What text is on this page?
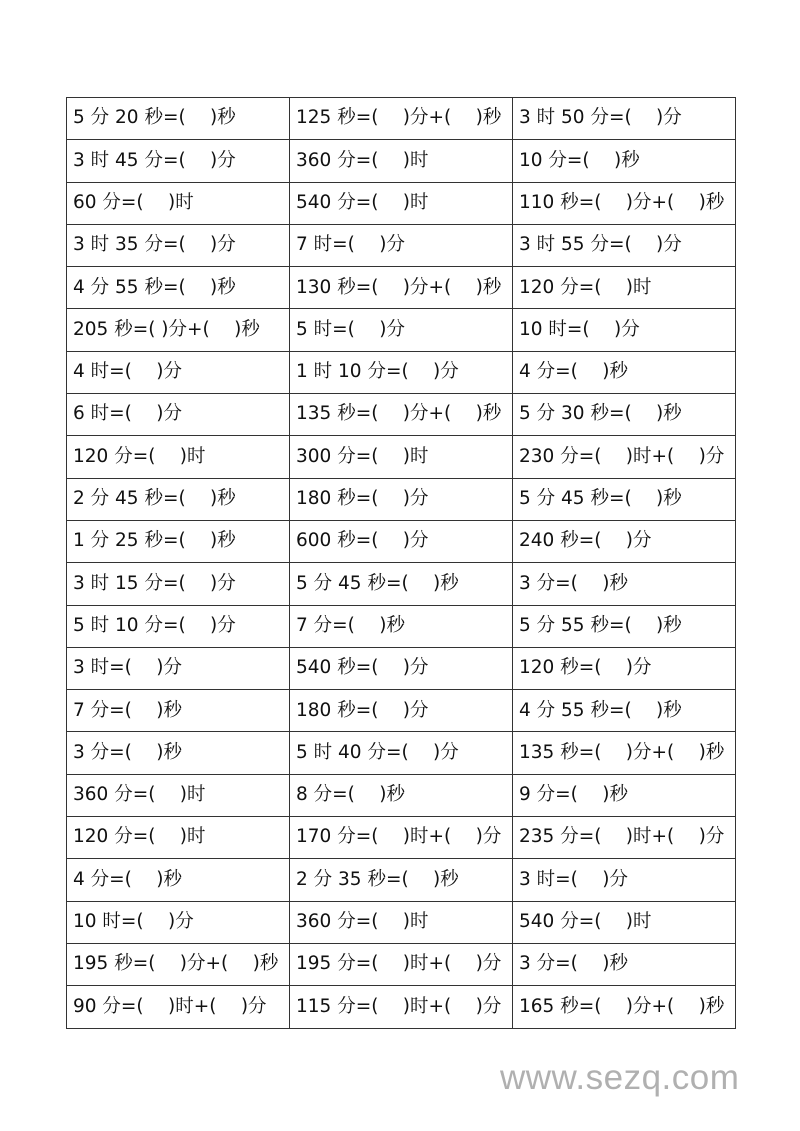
5 分 20 秒=(　 )秒	125 秒=(　 )分+(　 )秒	3 时 50 分=(　 )分
3 时 45 分=(　 )分	360 分=(　 )时	10 分=(　 )秒
60 分=(　 )时	540 分=(　 )时	110 秒=(　 )分+(　 )秒
3 时 35 分=(　 )分	7 时=(　 )分	3 时 55 分=(　 )分
4 分 55 秒=(　 )秒	130 秒=(　 )分+(　 )秒	120 分=(　 )时
205 秒=( )分+(　 )秒	5 时=(　 )分	10 时=(　 )分
4 时=(　 )分	1 时 10 分=(　 )分	4 分=(　 )秒
6 时=(　 )分	135 秒=(　 )分+(　 )秒	5 分 30 秒=(　 )秒
120 分=(　 )时	300 分=(　 )时	230 分=(　 )时+(　 )分
2 分 45 秒=(　 )秒	180 秒=(　 )分	5 分 45 秒=(　 )秒
1 分 25 秒=(　 )秒	600 秒=(　 )分	240 秒=(　 )分
3 时 15 分=(　 )分	5 分 45 秒=(　 )秒	3 分=(　 )秒
5 时 10 分=(　 )分	7 分=(　 )秒	5 分 55 秒=(　 )秒
3 时=(　 )分	540 秒=(　 )分	120 秒=(　 )分
7 分=(　 )秒	180 秒=(　 )分	4 分 55 秒=(　 )秒
3 分=(　 )秒	5 时 40 分=(　 )分	135 秒=(　 )分+(　 )秒
360 分=(　 )时	8 分=(　 )秒	9 分=(　 )秒
120 分=(　 )时	170 分=(　 )时+(　 )分	235 分=(　 )时+(　 )分
4 分=(　 )秒	2 分 35 秒=(　 )秒	3 时=(　 )分
10 时=(　 )分	360 分=(　 )时	540 分=(　 )时
195 秒=(　 )分+(　 )秒	195 分=(　 )时+(　 )分	3 分=(　 )秒
90 分=(　 )时+(　 )分	115 分=(　 )时+(　 )分	165 秒=(　 )分+(　 )秒
www.sezq.com
